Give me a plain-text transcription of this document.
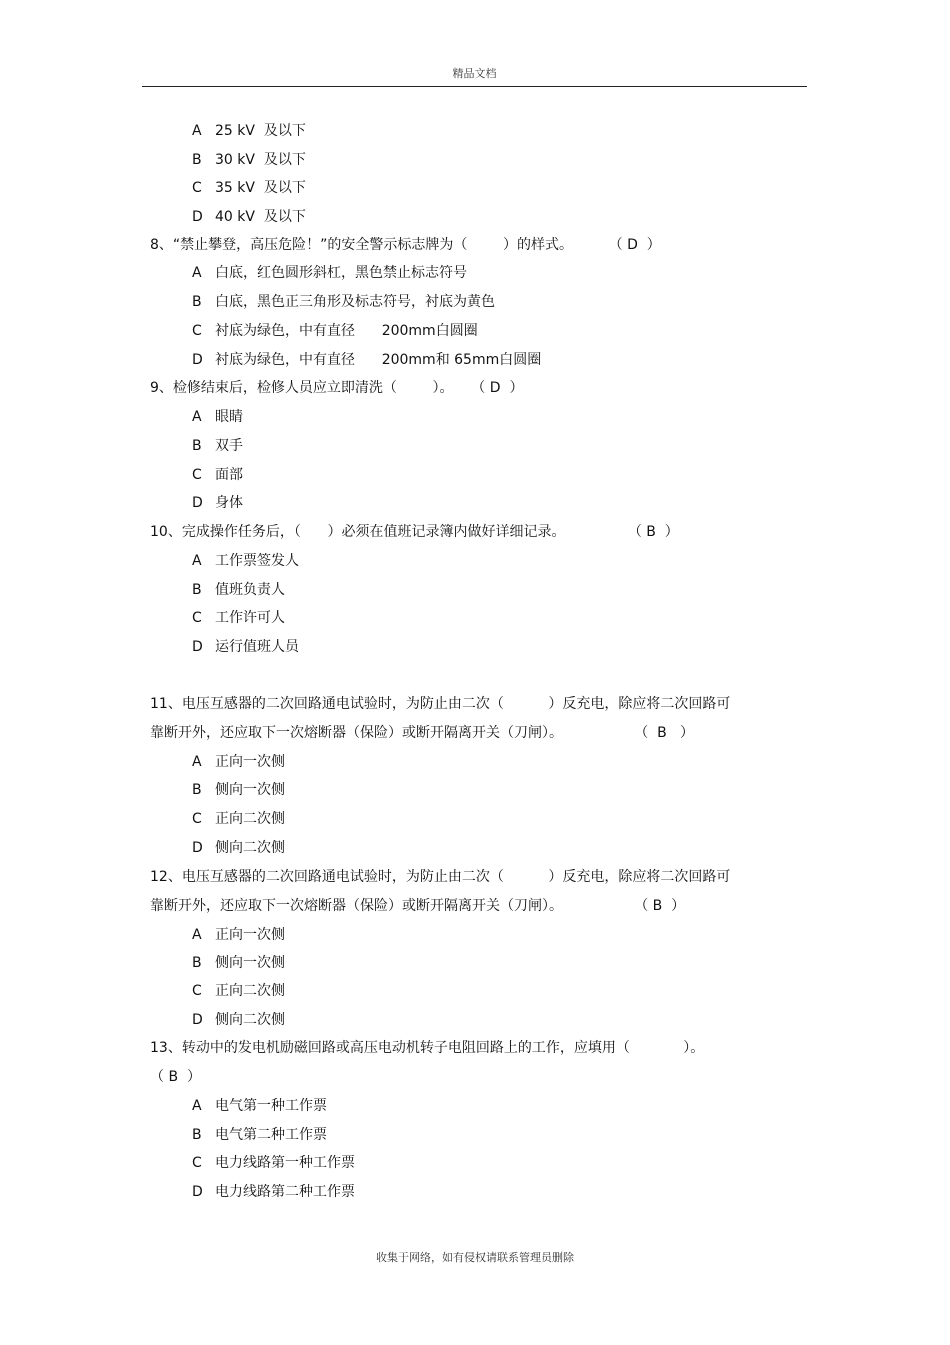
精品文档
A 25 kV  及以下
B 30 kV  及以下
C 35 kV  及以下
D 40 kV  及以下
8、“禁止攀登，高压危险！”的安全警示标志牌为（        ）的样式。        （ D  ）
A 白底，红色圆形斜杠，黑色禁止标志符号
B 白底，黑色正三角形及标志符号，衬底为黄色
C 衬底为绿色，中有直径      200mm白圆圈
D 衬底为绿色，中有直径      200mm和 65mm白圆圈
9、检修结束后，检修人员应立即清洗（        ）。    （ D  ）
A 眼睛
B 双手
C 面部
D 身体
10、完成操作任务后，（      ）必须在值班记录簿内做好详细记录。              （ B  ）
A 工作票签发人
B 值班负责人
C 工作许可人
D 运行值班人员
11、电压互感器的二次回路通电试验时，为防止由二次（          ）反充电，除应将二次回路可
靠断开外，还应取下一次熔断器（保险）或断开隔离开关（刀闸）。                （  B   ）
A 正向一次侧
B 侧向一次侧
C 正向二次侧
D 侧向二次侧
12、电压互感器的二次回路通电试验时，为防止由二次（          ）反充电，除应将二次回路可
靠断开外，还应取下一次熔断器（保险）或断开隔离开关（刀闸）。                （ B  ）
A 正向一次侧
B 侧向一次侧
C 正向二次侧
D 侧向二次侧
13、转动中的发电机励磁回路或高压电动机转子电阻回路上的工作，应填用（            ）。
（ B  ）
A 电气第一种工作票
B 电气第二种工作票
C 电力线路第一种工作票
D 电力线路第二种工作票
收集于网络，如有侵权请联系管理员删除
